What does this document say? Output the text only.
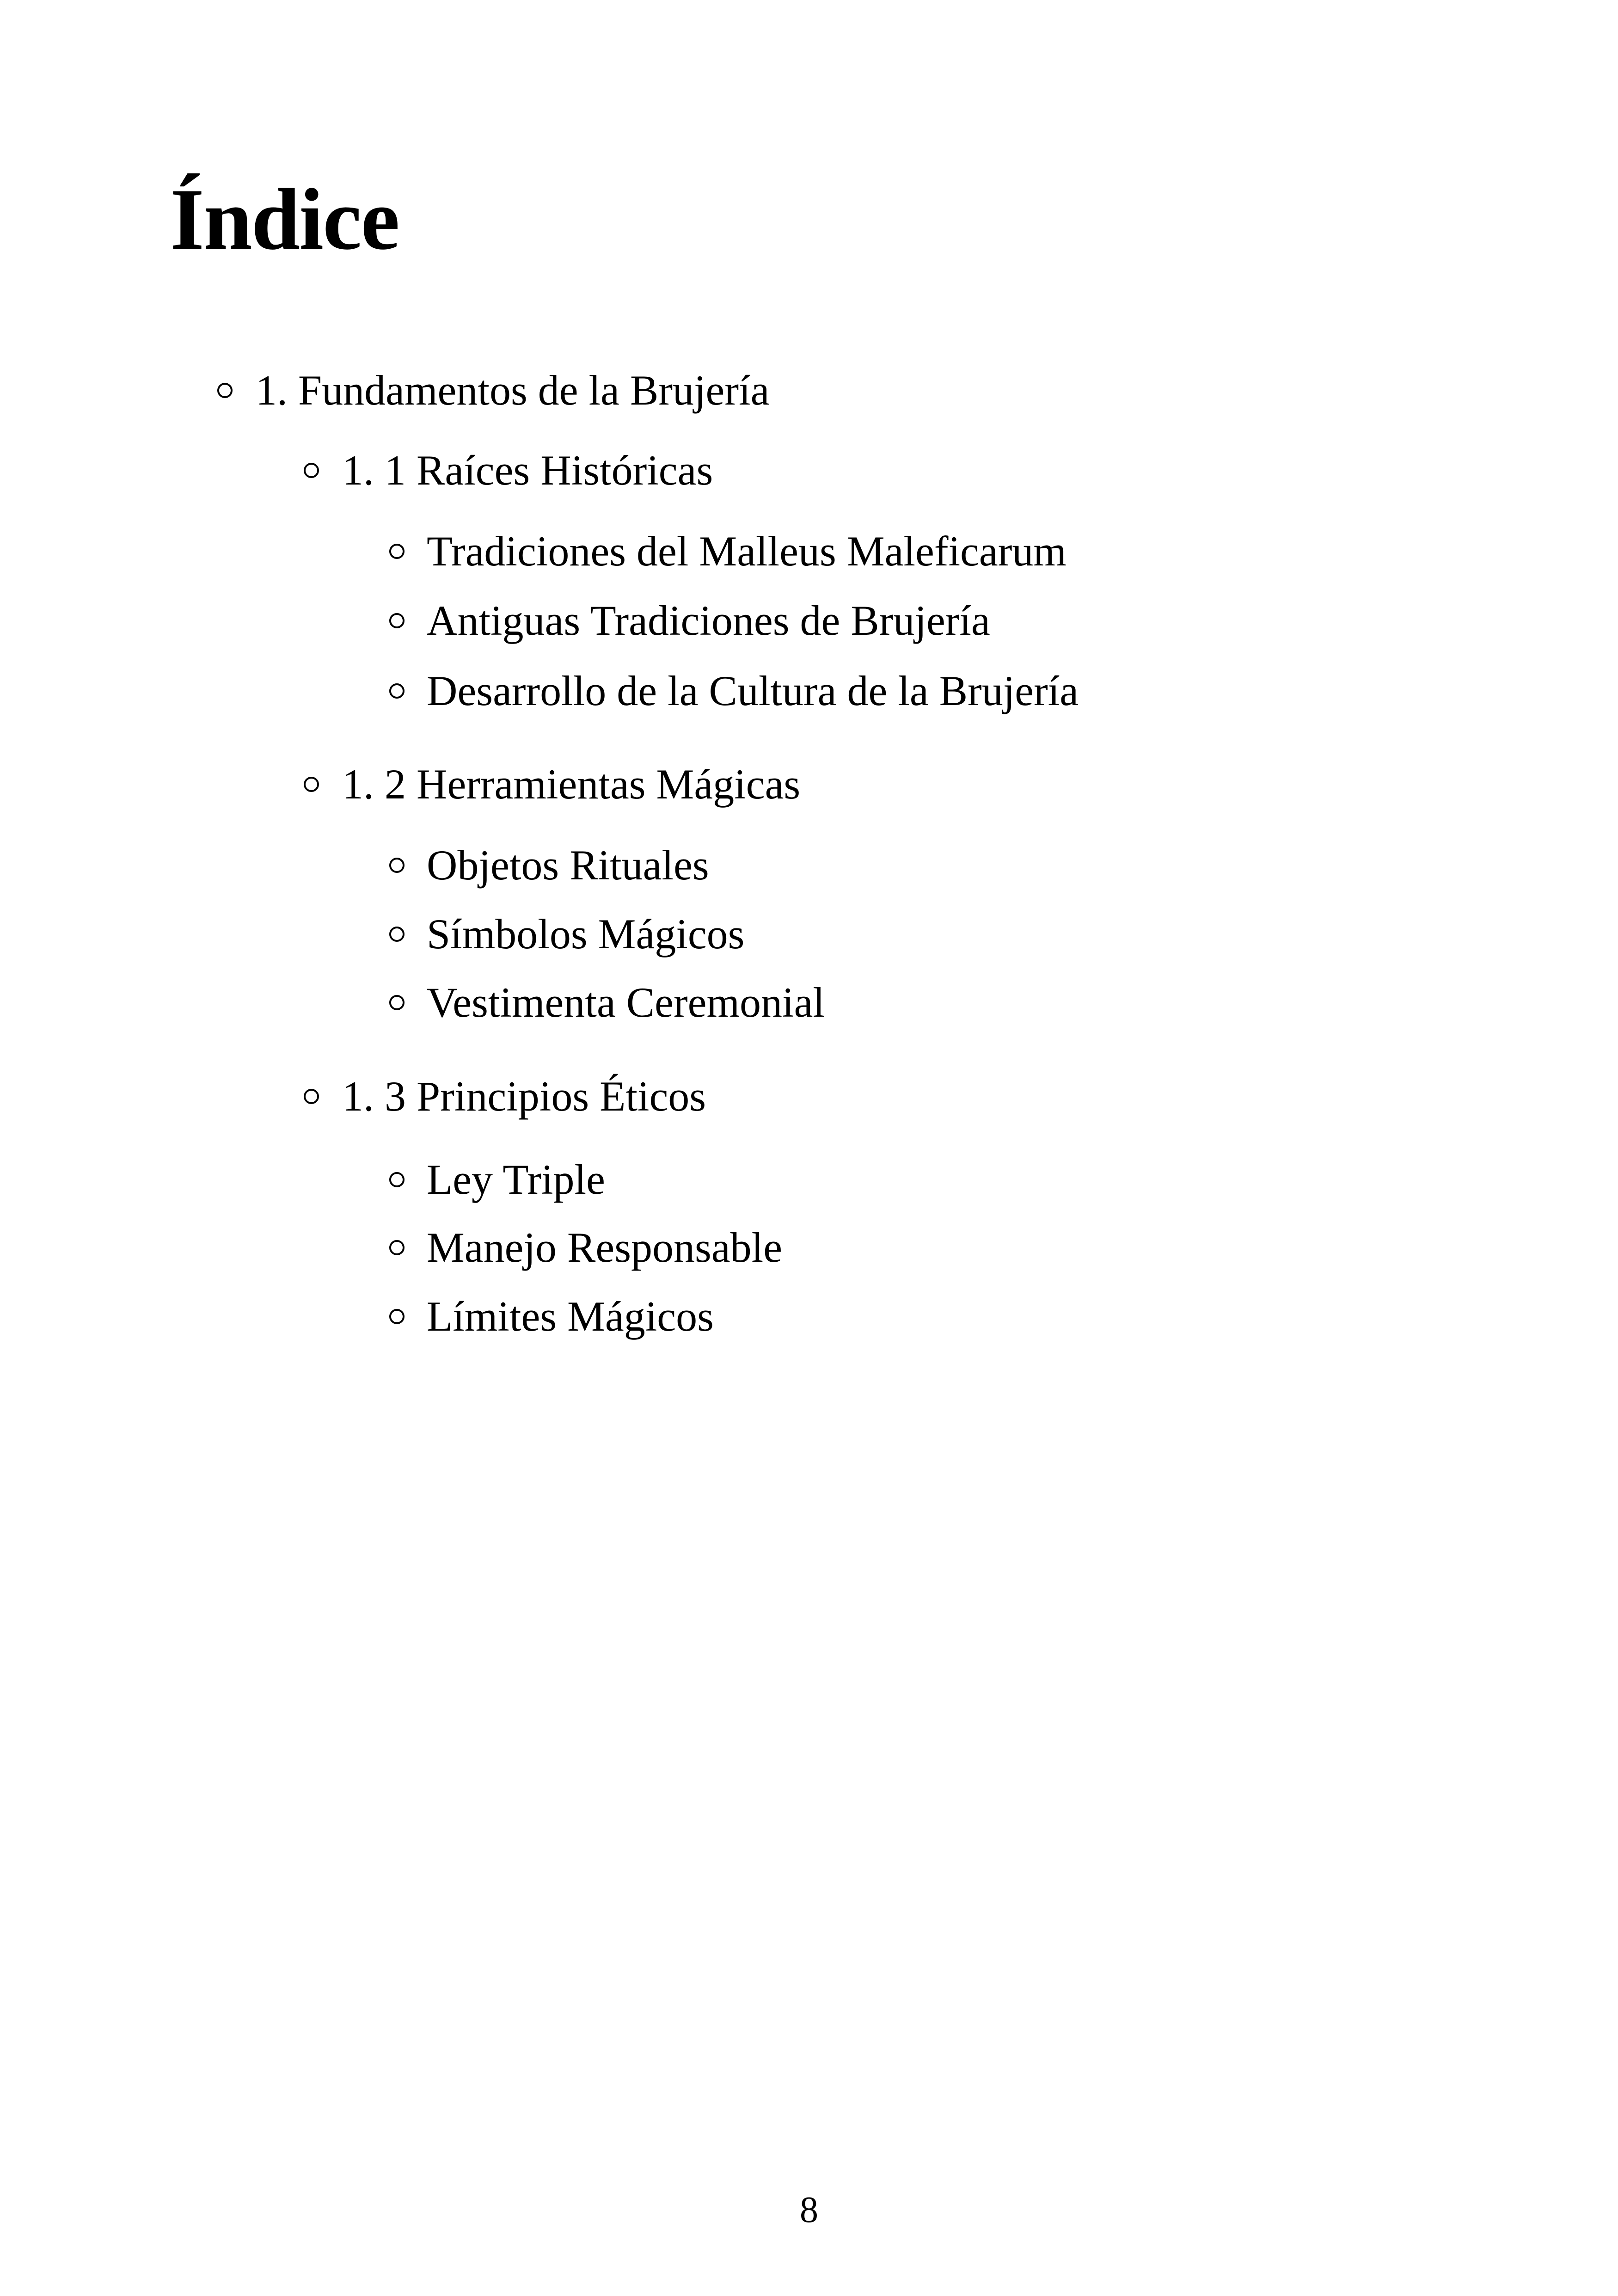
Índice
1. Fundamentos de la Brujería
1. 1 Raíces Históricas
Tradiciones del Malleus Maleficarum
Antiguas Tradiciones de Brujería
Desarrollo de la Cultura de la Brujería
1. 2 Herramientas Mágicas
Objetos Rituales
Símbolos Mágicos
Vestimenta Ceremonial
1. 3 Principios Éticos
Ley Triple
Manejo Responsable
Límites Mágicos
8
